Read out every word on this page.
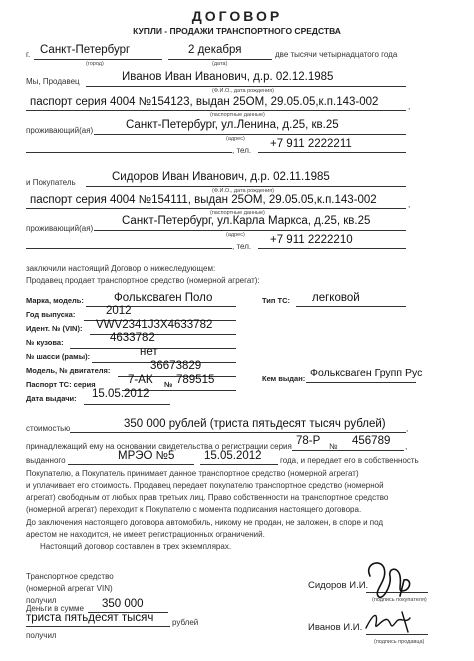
ДОГОВОР
КУПЛИ - ПРОДАЖИ ТРАНСПОРТНОГО СРЕДСТВА
г. Санкт-Петербург
(город)
2 декабря
(дата)
две тысячи четырнадцатого года
Мы, Продавец	Иванов Иван Иванович, д.р. 02.12.1985
(Ф.И.О., дата рождения)
паспорт серия 4004 №154123, выдан 25ОМ, 29.05.05,к.п.143-002	,
(паспортные данные)
проживающий(ая)	Санкт-Петербург, ул.Ленина, д.25, кв.25
(адрес)
, тел.
+7 911 2222211
и Покупатель	Сидоров Иван Иванович, д.р. 02.11.1985
(Ф.И.О., дата рождения)
паспорт серия 4004 №154111, выдан 25ОМ, 29.05.05,к.п.143-002	,
(паспортные данные)
проживающий(ая)
Санкт-Петербург, ул.Карла Маркса, д.25, кв.25
(адрес)
, тел.
+7 911 2222210
заключили настоящий Договор о нижеследующем:
Продавец продает транспортное средство (номерной агрегат):
Марка, модель:	Фольксваген Поло	Тип ТС: легковой
Год выпуска:	2012
Идент. № (VIN): VWV2341J3X4633782
№ кузова:	4633782
№ шасси (рамы):	нет
Модель, № двигателя:	36673829
Паспорт ТС: серия	7-АК № 789515	Кем выдан: Фольксваген Групп Рус
Дата выдачи: 15.05.2012
стоимостью	350 000 рублей (триста пятьдесят тысяч рублей)	,
принадлежащий ему на основании свидетельства о регистрации серия 78-Р № 456789 ,
выданного	МРЭО №5	15.05.2012 года, и передает его в собственность
Покупателю, а Покупатель принимает данное транспортное средство (номерной агрегат)
и уплачивает его стоимость. Продавец передает покупателю транспортное средство (номерной
агрегат) свободным от любых прав третьих лиц. Право собственности на транспортное средство
(номерной агрегат) переходит к Покупателю с момента подписания настоящего договора.
До заключения настоящего договора автомобиль, никому не продан, не заложен, в споре и под
арестом не находится, не имеет регистрационных ограничений.
Настоящий договор составлен в трех экземплярах.
Транспортное средство
(номерной агрегат VIN)
получил
Сидоров И.И.
(подпись покупателя)
Деньги в сумме 350 000
триста пятьдесят тысяч рублей
получил
Иванов И.И.
(подпись продавца)
